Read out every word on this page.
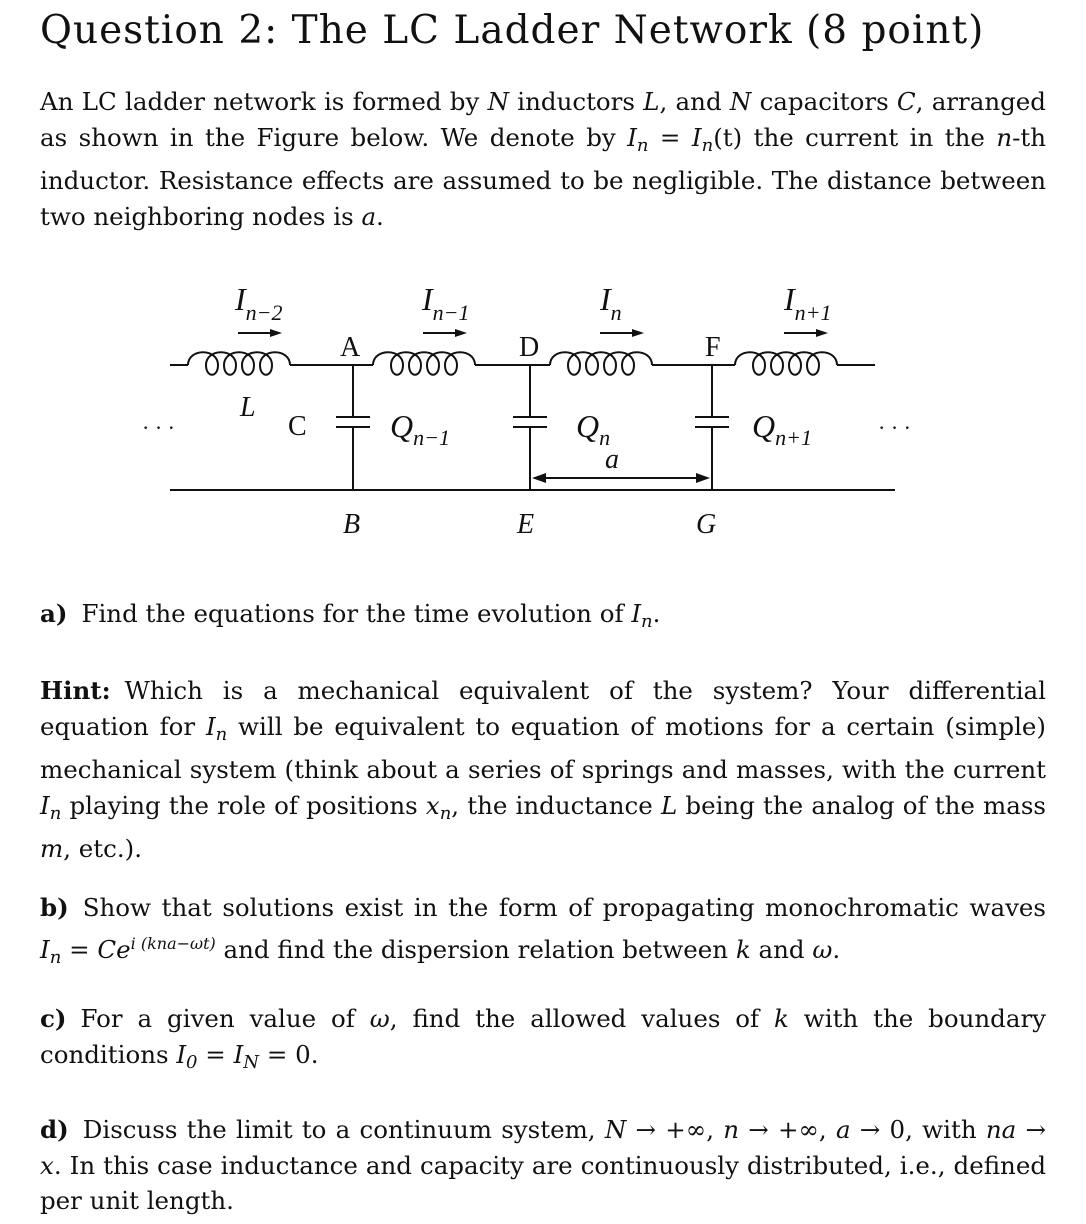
Question 2: The LC Ladder Network (8 point)
An LC ladder network is formed by N inductors L, and N capacitors C, arranged as shown in the Figure below. We denote by $I_n = I_n(t)$ the current in the n-th inductor. Resistance effects are assumed to be negligible. The distance between two neighboring nodes is a.
$I_{n-2}$	$I_{n-1}$	$I_n$	$I_{n+1}$
A	D	F
B	E	G
L
C
a
$Q_{n-1}$	$Q_n$	$Q_{n+1}$
· · ·	· · ·
a) Find the equations for the time evolution of $I_n$.
Hint: Which is a mechanical equivalent of the system? Your differential equation for $I_n$ will be equivalent to equation of motions for a certain (simple) mechanical system (think about a series of springs and masses, with the current $I_n$ playing the role of positions $x_n$, the inductance L being the analog of the mass m, etc.).
b) Show that solutions exist in the form of propagating monochromatic waves $I_n = Ce^{i (kna-\omega t)}$ and find the dispersion relation between k and ω.
c) For a given value of ω, find the allowed values of k with the boundary conditions $I_0 = I_N = 0$.
d) Discuss the limit to a continuum system, N → +∞, n → +∞, a → 0, with na → x. In this case inductance and capacity are continuously distributed, i.e., defined per unit length.
